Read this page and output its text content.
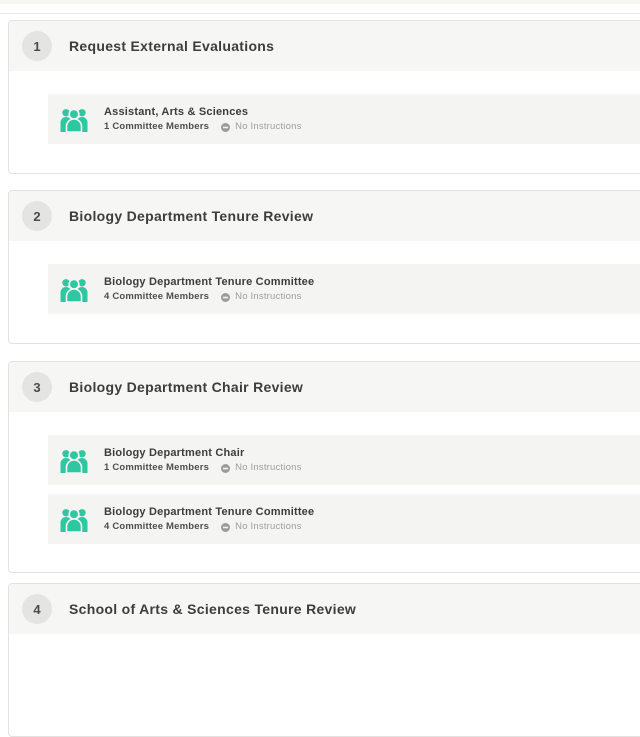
1	Request External Evaluations
Assistant, Arts & Sciences
1 Committee Members	No Instructions
2	Biology Department Tenure Review
Biology Department Tenure Committee
4 Committee Members	No Instructions
3	Biology Department Chair Review
Biology Department Chair
1 Committee Members	No Instructions
Biology Department Tenure Committee
4 Committee Members	No Instructions
4	School of Arts & Sciences Tenure Review
